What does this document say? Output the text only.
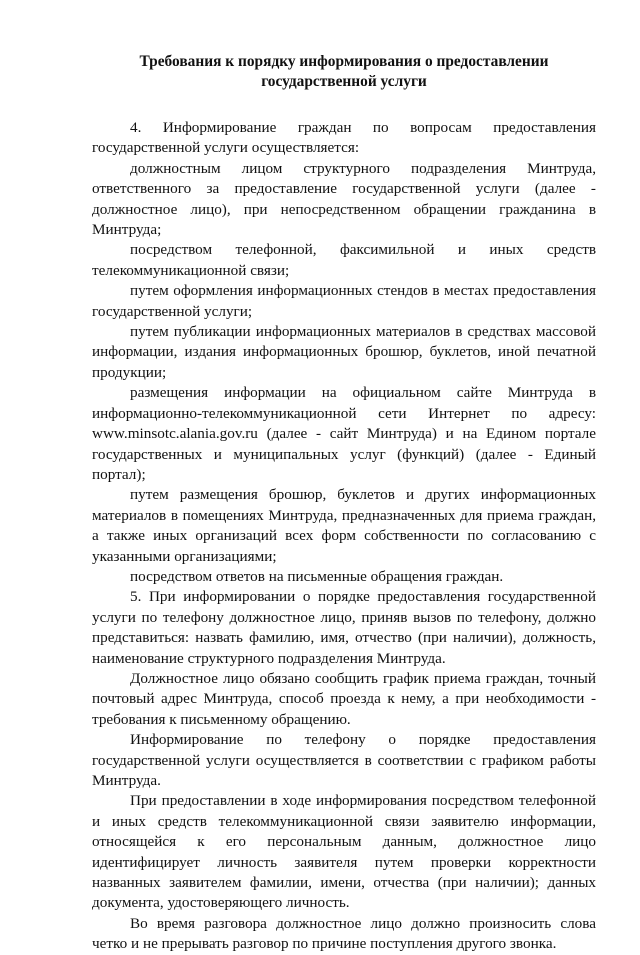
Требования к порядку информирования о предоставлении
государственной услуги

4. Информирование граждан по вопросам предоставления государственной услуги осуществляется:

должностным лицом структурного подразделения Минтруда, ответственного за предоставление государственной услуги (далее - должностное лицо), при непосредственном обращении гражданина в Минтруда;

посредством телефонной, факсимильной и иных средств телекоммуникационной связи;

путем оформления информационных стендов в местах предоставления государственной услуги;

путем публикации информационных материалов в средствах массовой информации, издания информационных брошюр, буклетов, иной печатной продукции;

размещения информации на официальном сайте Минтруда в информационно-телекоммуникационной сети Интернет по адресу: www.minsotc.alania.gov.ru (далее - сайт Минтруда) и на Едином портале государственных и муниципальных услуг (функций) (далее - Единый портал);

путем размещения брошюр, буклетов и других информационных материалов в помещениях Минтруда, предназначенных для приема граждан, а также иных организаций всех форм собственности по согласованию с указанными организациями;

посредством ответов на письменные обращения граждан.

5. При информировании о порядке предоставления государственной услуги по телефону должностное лицо, приняв вызов по телефону, должно представиться: назвать фамилию, имя, отчество (при наличии), должность, наименование структурного подразделения Минтруда.

Должностное лицо обязано сообщить график приема граждан, точный почтовый адрес Минтруда, способ проезда к нему, а при необходимости - требования к письменному обращению.

Информирование по телефону о порядке предоставления государственной услуги осуществляется в соответствии с графиком работы Минтруда.

При предоставлении в ходе информирования посредством телефонной и иных средств телекоммуникационной связи заявителю информации, относящейся к его персональным данным, должностное лицо идентифицирует личность заявителя путем проверки корректности названных заявителем фамилии, имени, отчества (при наличии); данных документа, удостоверяющего личность.

Во время разговора должностное лицо должно произносить слова четко и не прерывать разговор по причине поступления другого звонка.
